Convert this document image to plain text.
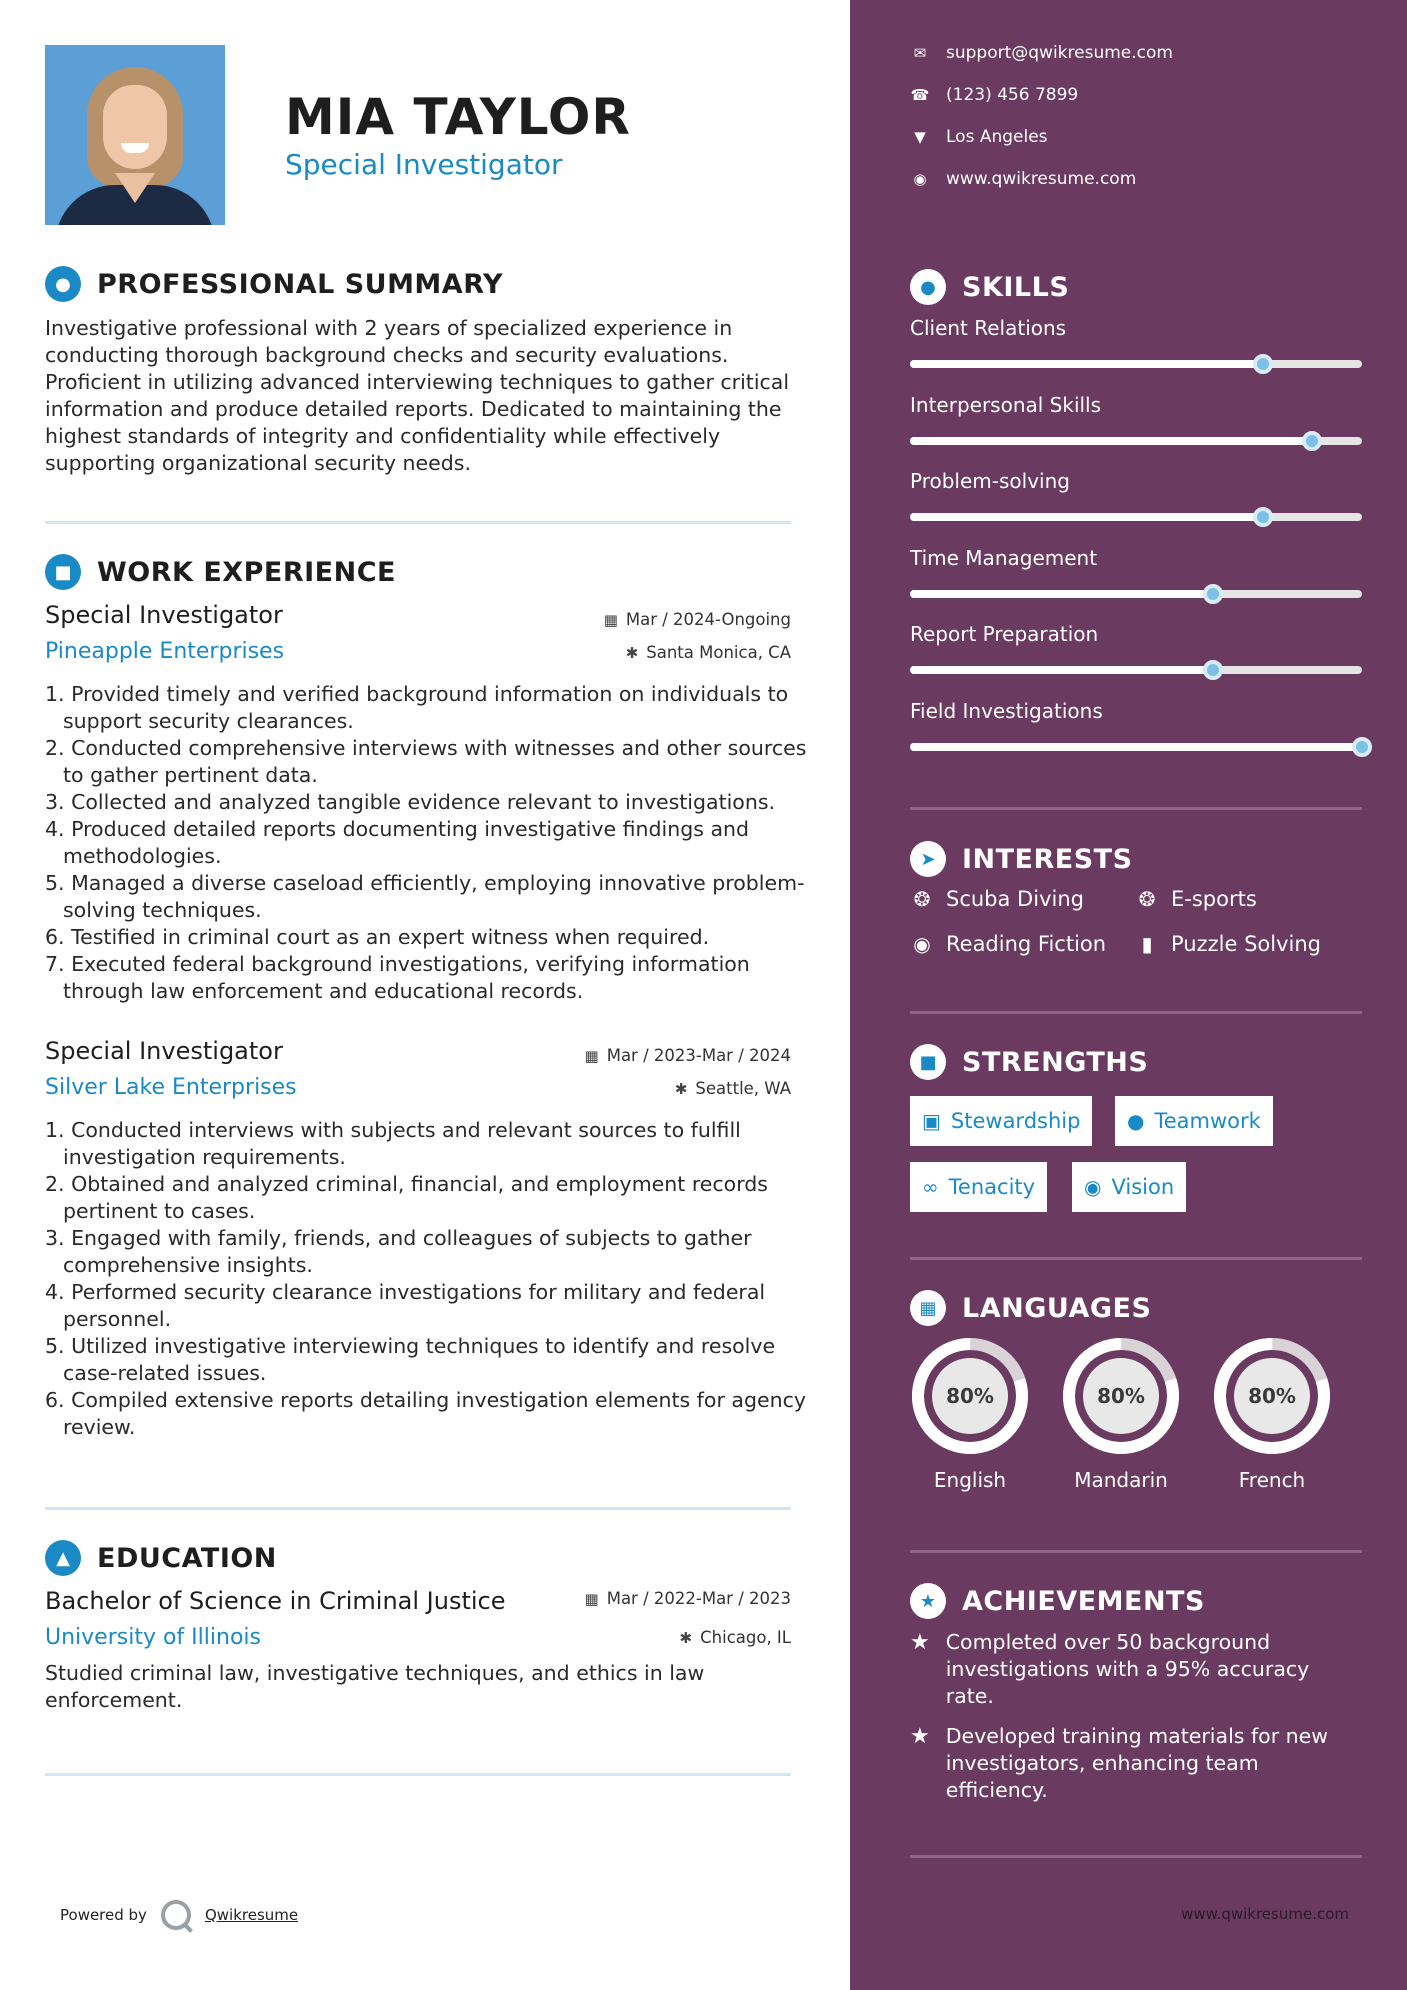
MIA TAYLOR
Special Investigator
● PROFESSIONAL SUMMARY
Investigative professional with 2 years of specialized experience in conducting thorough background checks and security evaluations. Proficient in utilizing advanced interviewing techniques to gather critical information and produce detailed reports. Dedicated to maintaining the highest standards of integrity and confidentiality while effectively supporting organizational security needs.
■ WORK EXPERIENCE
Special Investigator	▦ Mar / 2024-Ongoing
Pineapple Enterprises	✱ Santa Monica, CA
1. Provided timely and verified background information on individuals to support security clearances.
2. Conducted comprehensive interviews with witnesses and other sources to gather pertinent data.
3. Collected and analyzed tangible evidence relevant to investigations.
4. Produced detailed reports documenting investigative findings and methodologies.
5. Managed a diverse caseload efficiently, employing innovative problem-solving techniques.
6. Testified in criminal court as an expert witness when required.
7. Executed federal background investigations, verifying information through law enforcement and educational records.
Special Investigator	▦ Mar / 2023-Mar / 2024
Silver Lake Enterprises	✱ Seattle, WA
1. Conducted interviews with subjects and relevant sources to fulfill investigation requirements.
2. Obtained and analyzed criminal, financial, and employment records pertinent to cases.
3. Engaged with family, friends, and colleagues of subjects to gather comprehensive insights.
4. Performed security clearance investigations for military and federal personnel.
5. Utilized investigative interviewing techniques to identify and resolve case-related issues.
6. Compiled extensive reports detailing investigation elements for agency review.
▲	EDUCATION
Bachelor of Science in Criminal Justice	▦ Mar / 2022-Mar / 2023
University of Illinois	✱ Chicago, IL
Studied criminal law, investigative techniques, and ethics in law enforcement.
Powered by	Qwikresume
✉ support@qwikresume.com
☎ (123) 456 7899
▼ Los Angeles
◉ www.qwikresume.com
● SKILLS
Client Relations
Interpersonal Skills
Problem-solving
Time Management
Report Preparation
Field Investigations
➤ INTERESTS
❂ Scuba Diving	❂ E-sports
◉ Reading Fiction	▮ Puzzle Solving
■ STRENGTHS
▣ Stewardship ● Teamwork
∞ Tenacity ◉ Vision
▦ LANGUAGES
80%
English
80%
Mandarin
80%
French
★ ACHIEVEMENTS
★ Completed over 50 background investigations with a 95% accuracy rate.
★ Developed training materials for new investigators, enhancing team efficiency.
www.qwikresume.com
